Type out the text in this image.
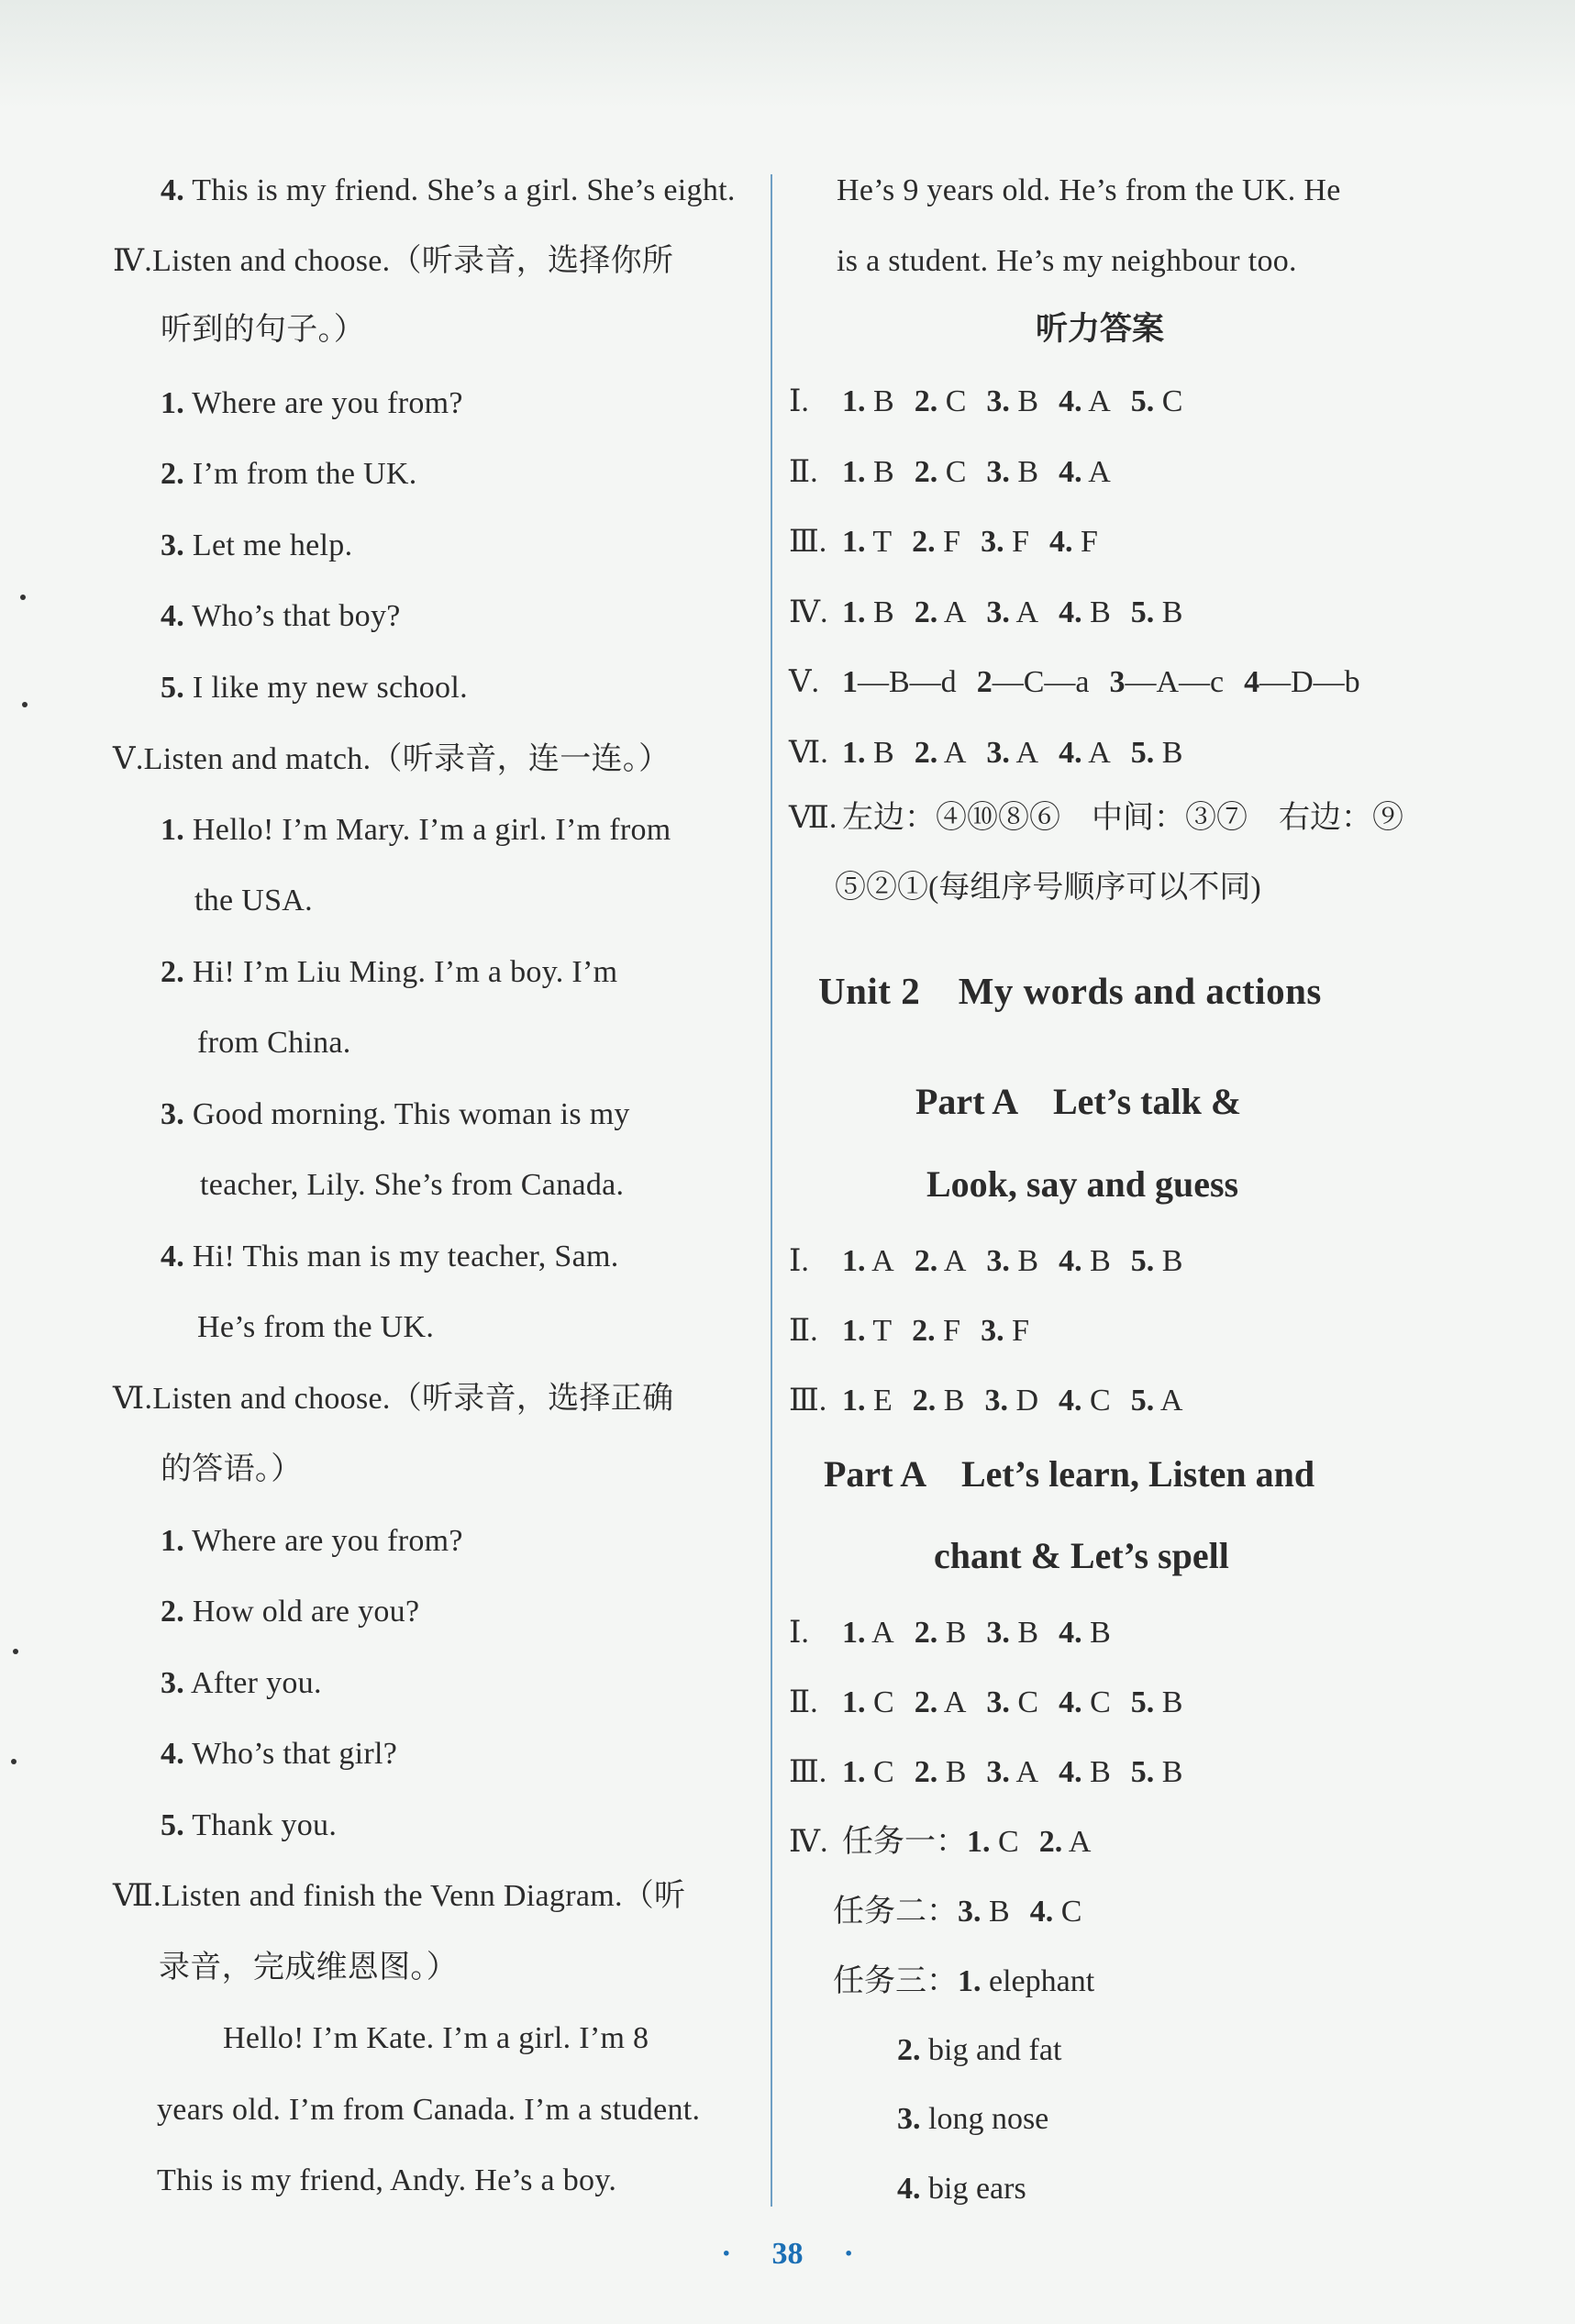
4. This is my friend. She’s a girl. She’s eight.
Ⅳ.Listen and choose.（听录音，选择你所
听到的句子。）
1. Where are you from?
2. I’m from the UK.
3. Let me help.
4. Who’s that boy?
5. I like my new school.
Ⅴ.Listen and match.（听录音，连一连。）
1. Hello! I’m Mary. I’m a girl. I’m from
the USA.
2. Hi! I’m Liu Ming. I’m a boy. I’m
from China.
3. Good morning. This woman is my
teacher, Lily. She’s from Canada.
4. Hi! This man is my teacher, Sam.
He’s from the UK.
Ⅵ.Listen and choose.（听录音，选择正确
的答语。）
1. Where are you from?
2. How old are you?
3. After you.
4. Who’s that girl?
5. Thank you.
Ⅶ.Listen and finish the Venn Diagram.（听
录音，完成维恩图。）
Hello! I’m Kate. I’m a girl. I’m 8
years old. I’m from Canada. I’m a student.
This is my friend, Andy. He’s a boy.
He’s 9 years old. He’s from the UK. He
is a student. He’s my neighbour too.
听力答案
Ⅰ. 1. B 2. C 3. B 4. A 5. C
Ⅱ. 1. B 2. C 3. B 4. A
Ⅲ. 1. T 2. F 3. F 4. F
Ⅳ. 1. B 2. A 3. A 4. B 5. B
Ⅴ. 1—B—d 2—C—a 3—A—c 4—D—b
Ⅵ. 1. B 2. A 3. A 4. A 5. B
Ⅶ. 左边：④⑩⑧⑥　中间：③⑦　右边：⑨
⑤②①(每组序号顺序可以不同)
Unit 2　My words and actions
Part A　Let’s talk &
Look, say and guess
Ⅰ. 1. A 2. A 3. B 4. B 5. B
Ⅱ. 1. T 2. F 3. F
Ⅲ. 1. E 2. B 3. D 4. C 5. A
Part A　Let’s learn, Listen and
chant & Let’s spell
Ⅰ. 1. A 2. B 3. B 4. B
Ⅱ. 1. C 2. A 3. C 4. C 5. B
Ⅲ. 1. C 2. B 3. A 4. B 5. B
Ⅳ. 任务一：1. C 2. A
任务二：3. B 4. C
任务三：1. elephant
2. big and fat
3. long nose
4. big ears
· 38 ·
